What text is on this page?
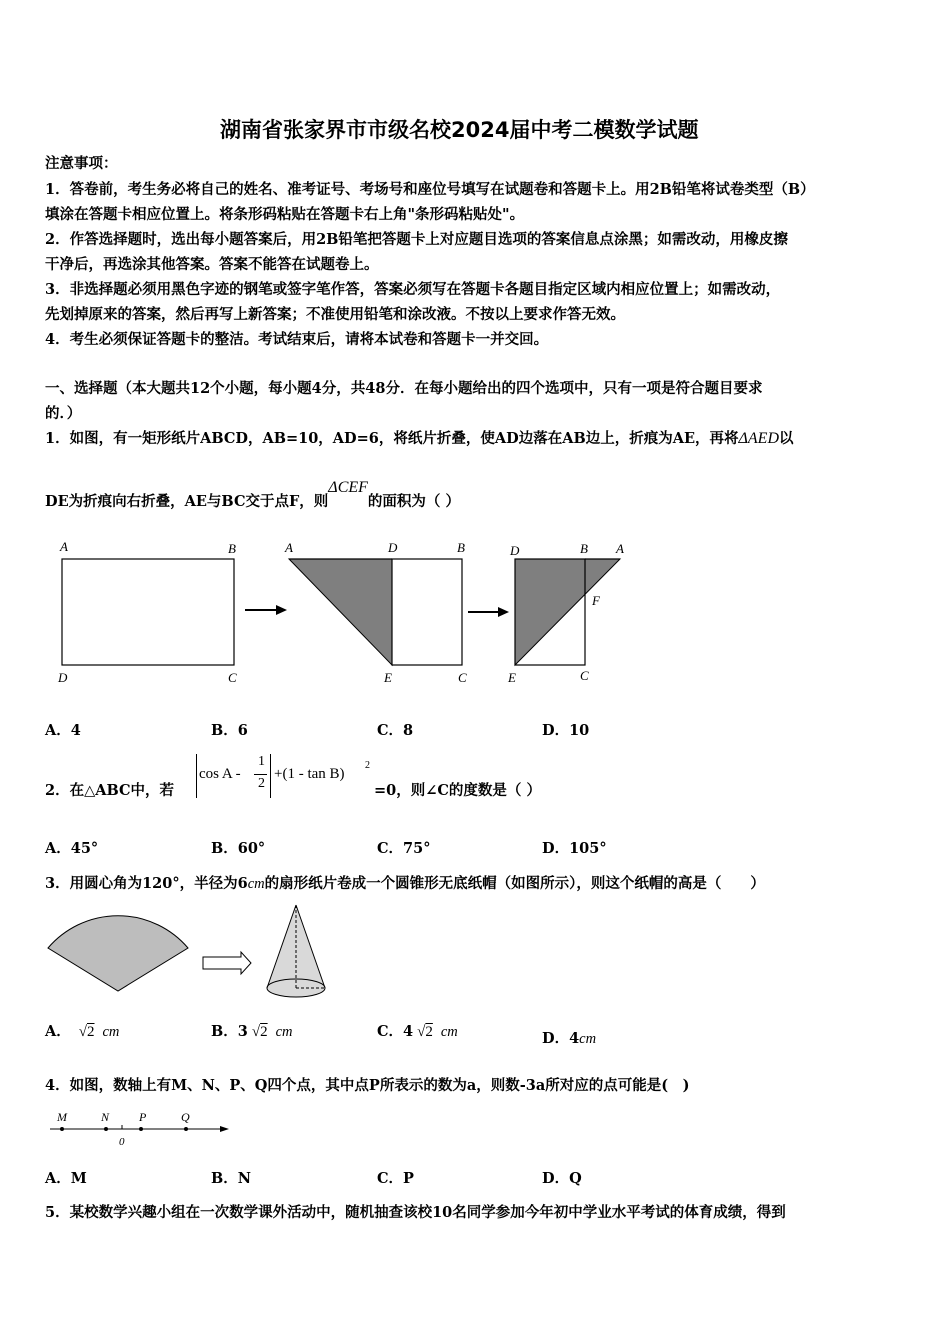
湖南省张家界市市级名校2024届中考二模数学试题
注意事项：
1．答卷前，考生务必将自己的姓名、准考证号、考场号和座位号填写在试题卷和答题卡上。用2B铅笔将试卷类型（B）
填涂在答题卡相应位置上。将条形码粘贴在答题卡右上角"条形码粘贴处"。
2．作答选择题时，选出每小题答案后，用2B铅笔把答题卡上对应题目选项的答案信息点涂黑；如需改动，用橡皮擦
干净后，再选涂其他答案。答案不能答在试题卷上。
3．非选择题必须用黑色字迹的钢笔或签字笔作答，答案必须写在答题卡各题目指定区域内相应位置上；如需改动，
先划掉原来的答案，然后再写上新答案；不准使用铅笔和涂改液。不按以上要求作答无效。
4．考生必须保证答题卡的整洁。考试结束后，请将本试卷和答题卡一并交回。
一、选择题（本大题共12个小题，每小题4分，共48分．在每小题给出的四个选项中，只有一项是符合题目要求
的．）
1．如图，有一矩形纸片ABCD，AB=10，AD=6，将纸片折叠，使AD边落在AB边上，折痕为AE，再将ΔAED以
DE为折痕向右折叠，AE与BC交于点F，则ΔCEF的面积为（ ）
A	B
D	C
A	D	B
E	C
D	B A
F
E	C
A．4	B．6	C．8	D．10
2．在△ABC中，若
cos A -
1
2
+(1 - tan B)
2
=0，则∠C的度数是（ ）
A．45°	B．60°	C．75°	D．105°
3．用圆心角为120°，半径为6cm的扇形纸片卷成一个圆锥形无底纸帽（如图所示），则这个纸帽的高是（　　）
A． √2 cm	B．3 √2 cm	C．4 √2 cm	D．4cm
4．如图，数轴上有M、N、P、Q四个点，其中点P所表示的数为a，则数-3a所对应的点可能是(　)
M	N P	Q
0
A．M	B．N	C．P	D．Q
5．某校数学兴趣小组在一次数学课外活动中，随机抽查该校10名同学参加今年初中学业水平考试的体育成绩，得到
